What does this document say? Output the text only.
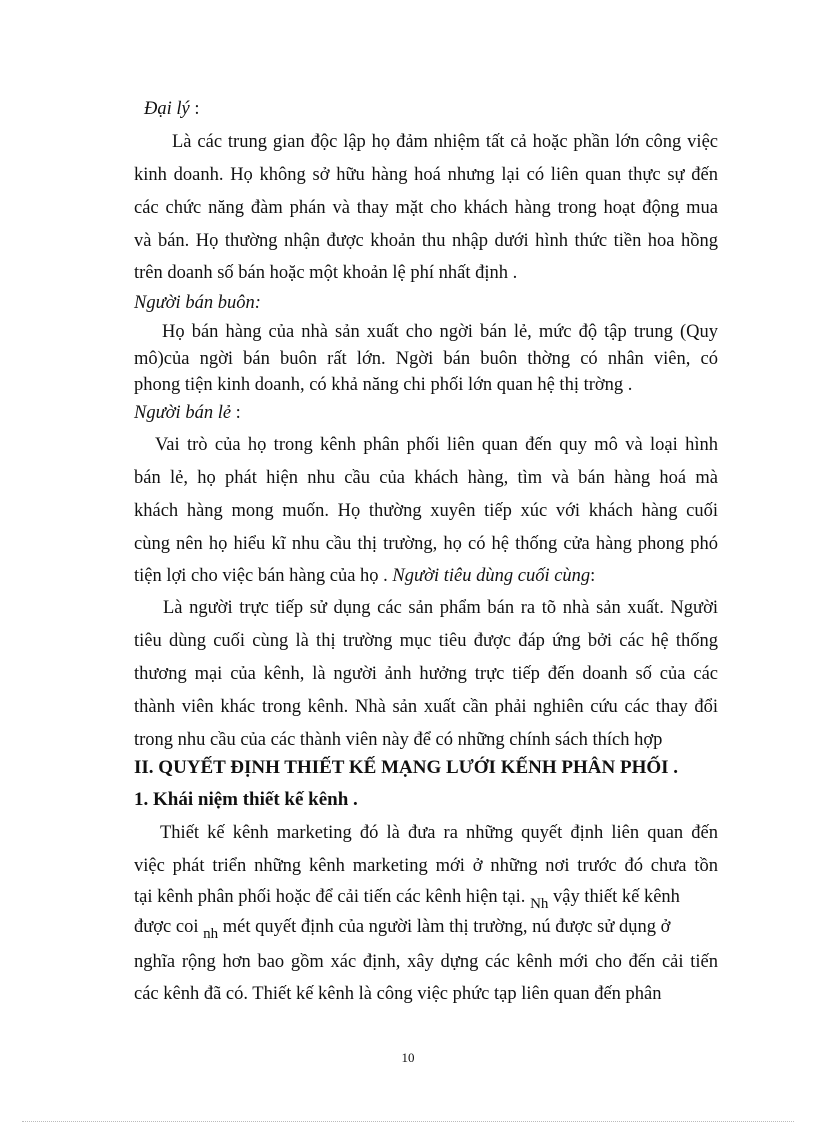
Đại lý :
Là các trung gian độc lập họ đảm nhiệm tất cả hoặc phần lớn công việc
kinh doanh. Họ không sở hữu hàng hoá nhưng lại có liên quan thực sự đến
các chức năng đàm phán và thay mặt cho khách hàng trong hoạt động mua
và bán. Họ thường nhận được khoản thu nhập dưới hình thức tiền hoa hồng
trên doanh số bán hoặc một khoản lệ phí nhất định .
Người bán buôn:
Họ bán hàng của nhà sản xuất cho ngời bán lẻ, mức độ tập trung (Quy
mô)của ngời bán buôn rất lớn. Ngời bán buôn thờng có nhân viên, có
phong tiện kinh doanh, có khả năng chi phối lớn quan hệ thị trờng .
Người bán lẻ :
Vai trò của họ trong kênh phân phối liên quan đến quy mô và loại hình
bán lẻ, họ phát hiện nhu cầu của khách hàng, tìm và bán hàng hoá mà
khách hàng mong muốn. Họ thường xuyên tiếp xúc với khách hàng cuối
cùng nên họ hiểu kĩ nhu cầu thị trường, họ có hệ thống cửa hàng phong phó
tiện lợi cho việc bán hàng của họ . Người tiêu dùng cuối cùng:
Là người trực tiếp sử dụng các sản phẩm bán ra tõ nhà sản xuất. Người
tiêu dùng cuối cùng là thị trường mục tiêu được đáp ứng bởi các hệ thống
thương mại của kênh, là người ảnh hưởng trực tiếp đến doanh số của các
thành viên khác trong kênh. Nhà sản xuất cần phải nghiên cứu các thay đổi
trong nhu cầu của các thành viên này để có những chính sách thích hợp
II. QUYẾT ĐỊNH THIẾT KẾ MẠNG LƯỚI KẾNH PHÂN PHỐI .
1. Khái niệm thiết kế kênh .
Thiết kế kênh marketing đó là đưa ra những quyết định liên quan đến
việc phát triển những kênh marketing mới ở những nơi trước đó chưa tồn
tại kênh phân phối hoặc để cải tiến các kênh hiện tại. $_{Nh}$ vậy thiết kế kênh
được coi $_{nh}$ mét quyết định của người làm thị trường, nú được sử dụng ở
nghĩa rộng hơn bao gồm xác định, xây dựng các kênh mới cho đến cải tiến
các kênh đã có. Thiết kế kênh là công việc phức tạp liên quan đến phân
10
